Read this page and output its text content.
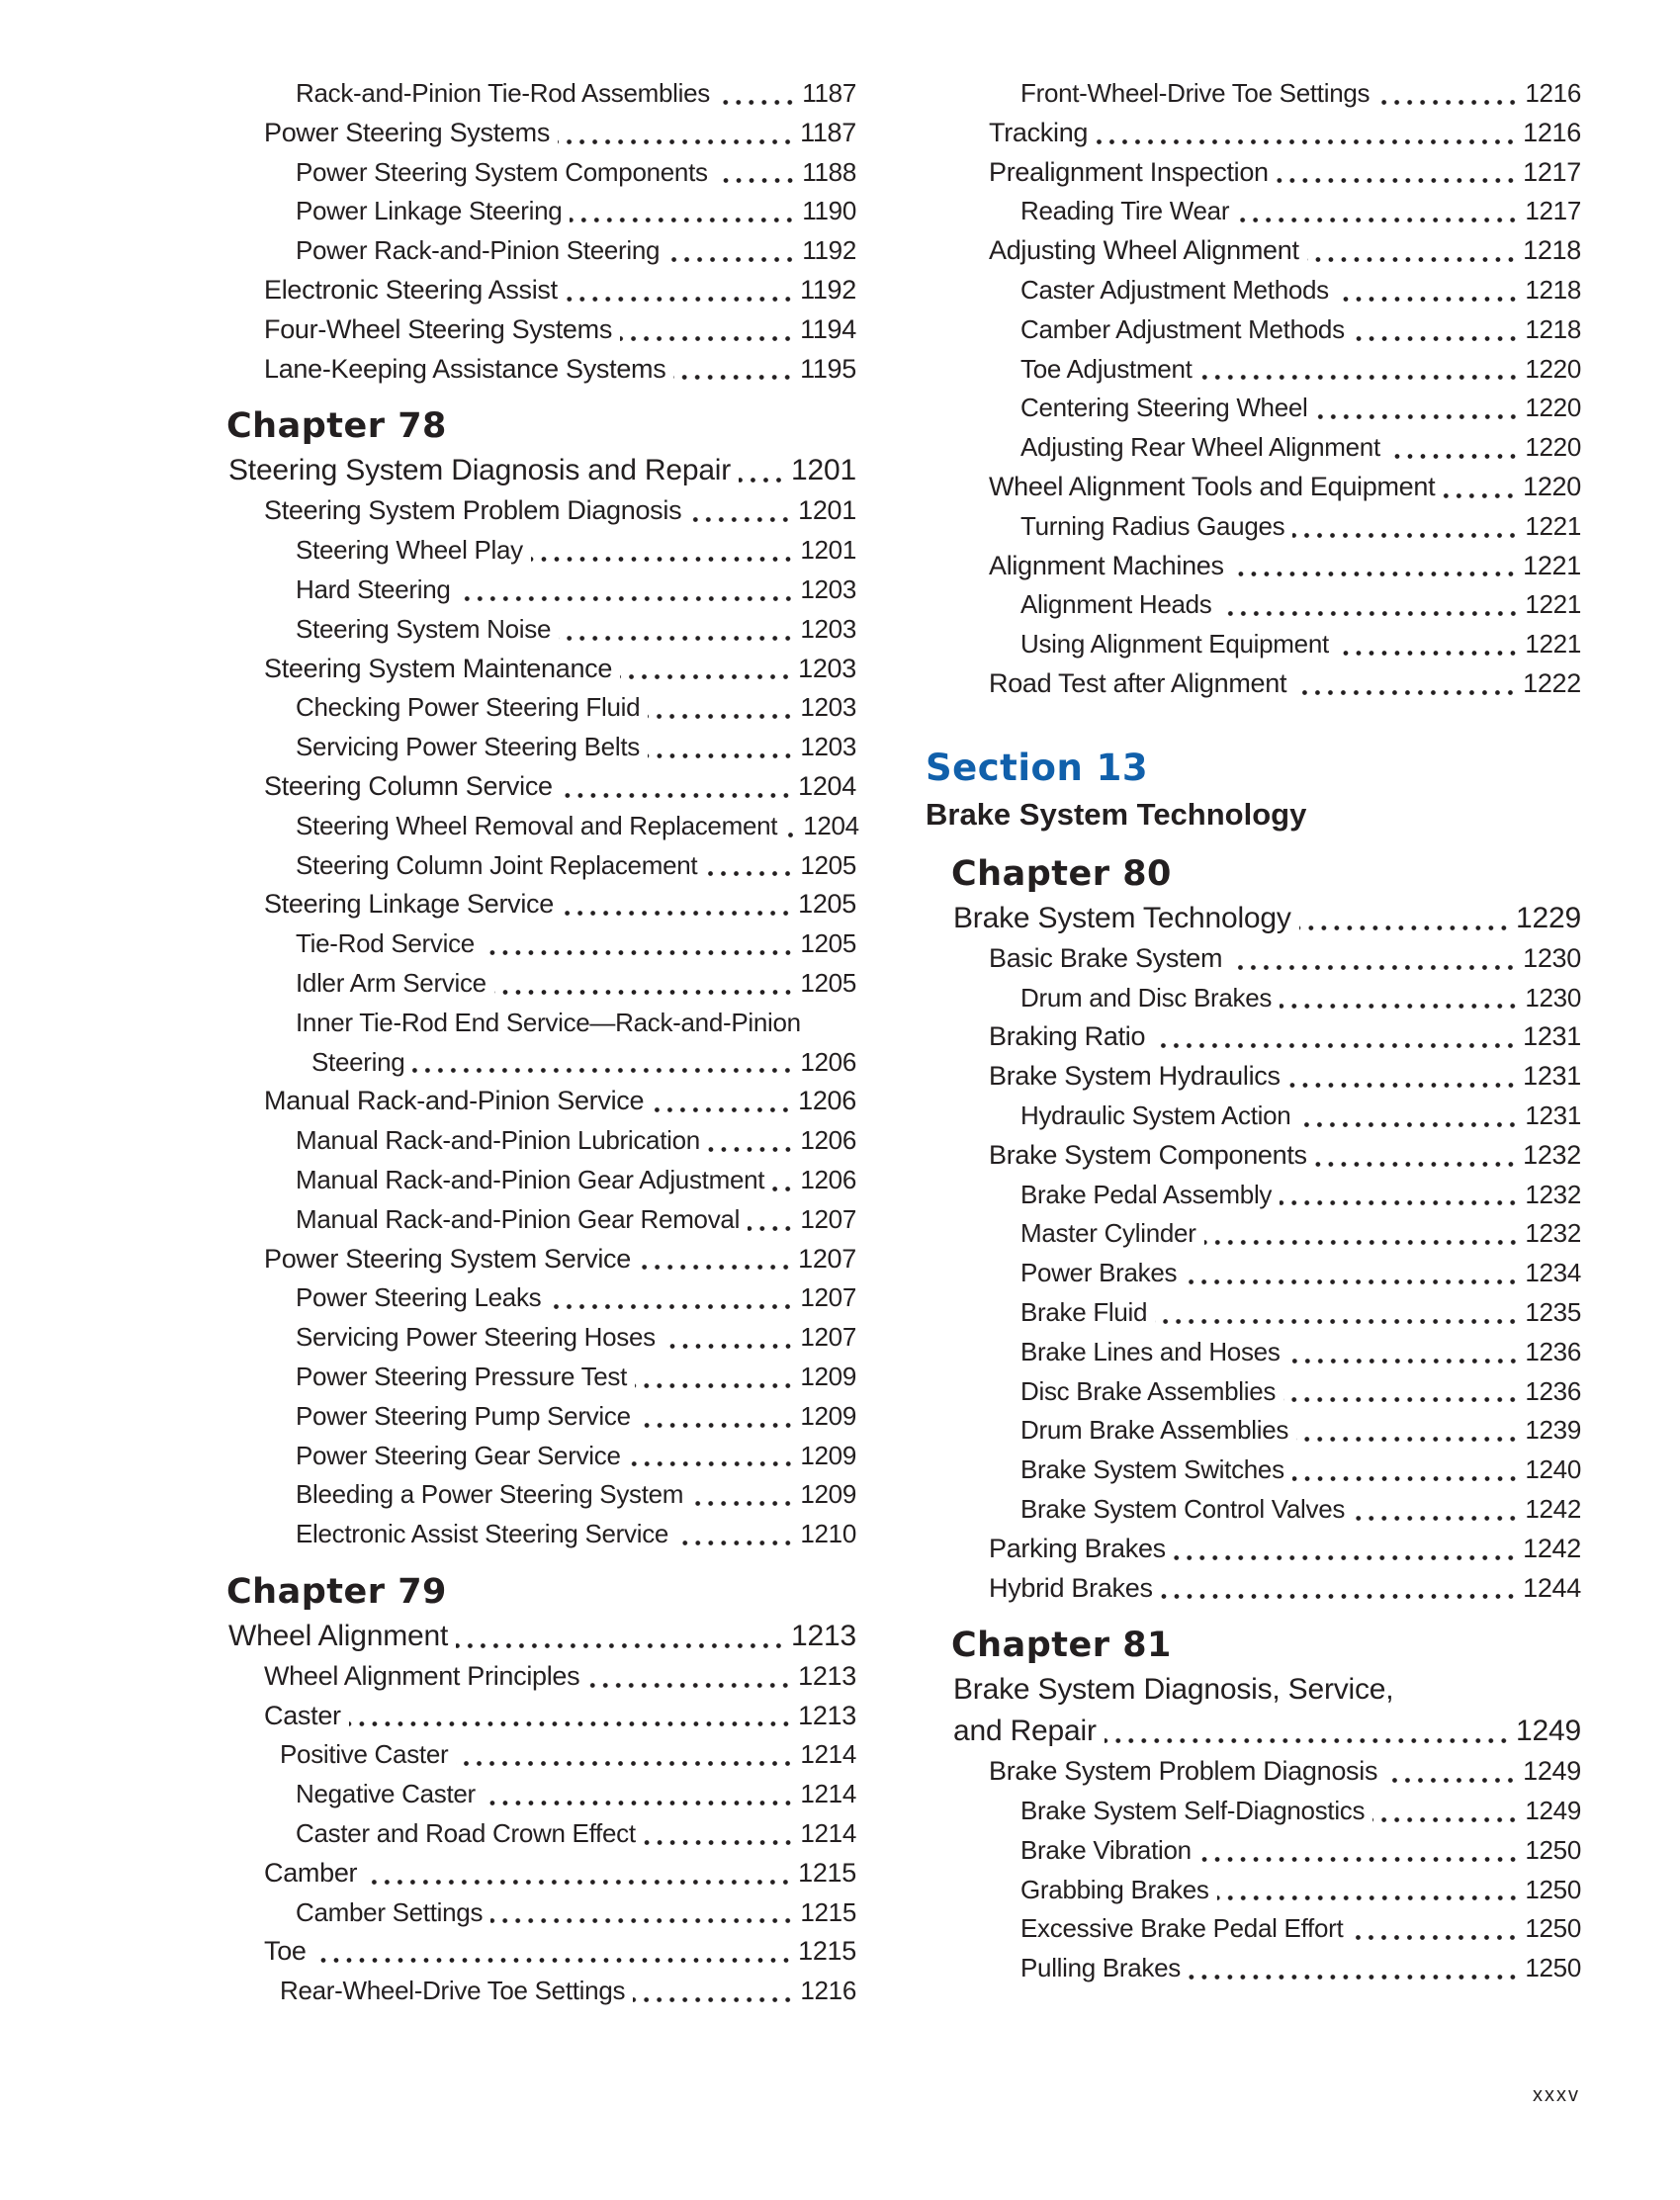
Rack-and-Pinion Tie-Rod Assemblies	1187
Power Steering Systems	1187
Power Steering System Components	1188
Power Linkage Steering	1190
Power Rack-and-Pinion Steering	1192
Electronic Steering Assist	1192
Four-Wheel Steering Systems	1194
Lane-Keeping Assistance Systems	1195
Chapter 78
Steering System Diagnosis and Repair 1201
Steering System Problem Diagnosis	1201
Steering Wheel Play	1201
Hard Steering	1203
Steering System Noise	1203
Steering System Maintenance	1203
Checking Power Steering Fluid	1203
Servicing Power Steering Belts	1203
Steering Column Service	1204
Steering Wheel Removal and Replacement 1204
Steering Column Joint Replacement	1205
Steering Linkage Service	1205
Tie-Rod Service	1205
Idler Arm Service	1205
Inner Tie-Rod End Service—Rack-and-Pinion
Steering	1206
Manual Rack-and-Pinion Service	1206
Manual Rack-and-Pinion Lubrication	1206
Manual Rack-and-Pinion Gear Adjustment 1206
Manual Rack-and-Pinion Gear Removal 1207
Power Steering System Service	1207
Power Steering Leaks	1207
Servicing Power Steering Hoses	1207
Power Steering Pressure Test	1209
Power Steering Pump Service	1209
Power Steering Gear Service	1209
Bleeding a Power Steering System	1209
Electronic Assist Steering Service	1210
Chapter 79
Wheel Alignment	1213
Wheel Alignment Principles	1213
Caster	1213
Positive Caster	1214
Negative Caster	1214
Caster and Road Crown Effect	1214
Camber	1215
Camber Settings	1215
Toe	1215
Rear-Wheel-Drive Toe Settings	1216
Front-Wheel-Drive Toe Settings	1216
Tracking	1216
Prealignment Inspection	1217
Reading Tire Wear	1217
Adjusting Wheel Alignment	1218
Caster Adjustment Methods	1218
Camber Adjustment Methods	1218
Toe Adjustment	1220
Centering Steering Wheel	1220
Adjusting Rear Wheel Alignment	1220
Wheel Alignment Tools and Equipment	1220
Turning Radius Gauges	1221
Alignment Machines	1221
Alignment Heads	1221
Using Alignment Equipment	1221
Road Test after Alignment	1222
Section 13
Brake System Technology
Chapter 80
Brake System Technology	1229
Basic Brake System	1230
Drum and Disc Brakes	1230
Braking Ratio	1231
Brake System Hydraulics	1231
Hydraulic System Action	1231
Brake System Components	1232
Brake Pedal Assembly	1232
Master Cylinder	1232
Power Brakes	1234
Brake Fluid	1235
Brake Lines and Hoses	1236
Disc Brake Assemblies	1236
Drum Brake Assemblies	1239
Brake System Switches	1240
Brake System Control Valves	1242
Parking Brakes	1242
Hybrid Brakes	1244
Chapter 81
Brake System Diagnosis, Service,
and Repair	1249
Brake System Problem Diagnosis	1249
Brake System Self-Diagnostics	1249
Brake Vibration	1250
Grabbing Brakes	1250
Excessive Brake Pedal Effort	1250
Pulling Brakes	1250
xxxv
